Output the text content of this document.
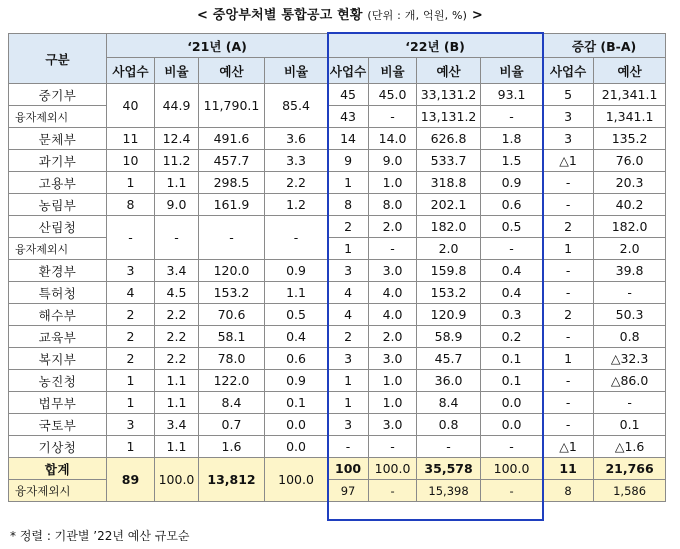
< 중앙부처별 통합공고 현황 (단위 : 개, 억원, %) >
구분	‘21년 (A)				‘22년 (B)				증감 (B-A)	
	사업수	비율	예산	비율	사업수	비율	예산	비율	사업수	예산
중기부	40	44.9	11,790.1	85.4	45	45.0	33,131.2	93.1	5	21,341.1
융자제외시					43	-	13,131.2	-	3	1,341.1
문체부	11	12.4	491.6	3.6	14	14.0	626.8	1.8	3	135.2
과기부	10	11.2	457.7	3.3	9	9.0	533.7	1.5	△1	76.0
고용부	1	1.1	298.5	2.2	1	1.0	318.8	0.9	-	20.3
농림부	8	9.0	161.9	1.2	8	8.0	202.1	0.6	-	40.2
산림청	-	-	-	-	2	2.0	182.0	0.5	2	182.0
융자제외시					1	-	2.0	-	1	2.0
환경부	3	3.4	120.0	0.9	3	3.0	159.8	0.4	-	39.8
특허청	4	4.5	153.2	1.1	4	4.0	153.2	0.4	-	-
해수부	2	2.2	70.6	0.5	4	4.0	120.9	0.3	2	50.3
교육부	2	2.2	58.1	0.4	2	2.0	58.9	0.2	-	0.8
복지부	2	2.2	78.0	0.6	3	3.0	45.7	0.1	1	△32.3
농진청	1	1.1	122.0	0.9	1	1.0	36.0	0.1	-	△86.0
법무부	1	1.1	8.4	0.1	1	1.0	8.4	0.0	-	-
국토부	3	3.4	0.7	0.0	3	3.0	0.8	0.0	-	0.1
기상청	1	1.1	1.6	0.0	-	-	-	-	△1	△1.6
합계	89	100.0	13,812	100.0	100	100.0	35,578	100.0	11	21,766
융자제외시					97	-	15,398	-	8	1,586
* 정렬 : 기관별 ’22년 예산 규모순
